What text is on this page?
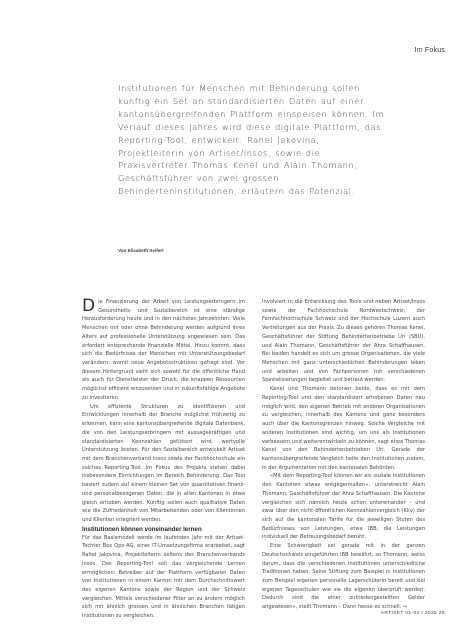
Im Fokus
Institutionen für Menschen mit Behinderung sollen künftig ein Set an standardisierten Daten auf einer kantonsübergreifenden Plattform einspeisen können. Im Verlauf dieses Jahres wird diese digitale Plattform, das Reporting-Tool, entwickelt: Rahel Jakovina, Projektleiterin von Artiset/Insos, sowie die Praxisvertreter Thomas Kenel und Alain Thomann, Geschäftsführer von zwei grossen Behinderteninstitutionen, erläutern das Potenzial.
Von Elisabeth Seifert

Die Finanzierung der Arbeit von Leistungserbringern im Gesundheits- und Sozialbereich ist eine ständige Herausforderung heute und in den nächsten Jahrzehnten. Viele Menschen mit oder ohne Behinderung werden aufgrund ihres Alters auf professionelle Unterstützung angewiesen sein. Das erfordert entsprechende finanzielle Mittel. Hinzu kommt, dass sich die Bedürfnisse der Menschen mit Unterstützungsbedarf verändern, womit neue Angebotsstrukturen gefragt sind. Vor diesem Hintergrund sieht sich sowohl für die öffentliche Hand als auch für Dienstleister der Druck, die knappen Ressourcen möglichst effizient einzusetzen und in zukunftsfähige Angebote zu investieren.

Um effiziente Strukturen zu identifizieren und Entwicklungen innerhalb der Branche möglichst frühzeitig zu erkennen, kann eine kantonsübergreifende digitale Datenbank, die von den Leistungserbringern mit aussagekräftigen und standardisierten Kennzahlen gefüttert wird, wertvolle Unterstützung leisten. Für den Sozialbereich entwickelt Artiset mit dem Branchenverband Insos sowie der Fachhochschule ein solches Reporting-Tool. Im Fokus des Projekts stehen dabei insbesondere Einrichtungen im Bereich Behinderung. Das Tool basiert zudem auf einem kleinen Set von quantitativen finanz- und personalbezogenen Daten, die in allen Kantonen in etwa gleich erhoben werden. Künftig sollen auch qualitative Daten wie die Zufriedenheit von Mitarbeitenden oder von Klientinnen und Klienten integriert werden.

Institutionen können voneinander lernen

Für das Basismodell werde im laufenden Jahr mit der Artiset-Tochter Bex Qps AG, einer IT-Umsetzungsfirma erarbeitet, sagt Rahel Jakovina, Projektleiterin seitens des Branchenverbands Insos. Das Reporting-Tool soll das vergleichende Lernen ermöglichen: Betreiber auf der Plattform verfügbaren Daten von Institutionen in einem Kanton mit dem Durchschnittswert des eigenen Kantons sowie der Region und der Schweiz vergleichen. Mittels verschiedener Filter an zu ändern möglich sich mit ähnlich grossen und in ähnlichen Branchen tätigen Institutionen zu vergleichen.

Involviert in die Entwicklung des Tools und neben Artiset/Insos sowie der Fachhochschule Nordwestschweiz, der Fernfachhochschule Schweiz und der Hochschule Luzern auch Vertretungen aus der Praxis. Zu diesen gehören Thomas Kenel, Geschäftsführer der Stiftung Behindertenbetriebe Uri (SBU), und Alain Thomann, Geschäftsführer der Ahra Schaffhausen. Bei beiden handelt es sich um grosse Organisationen, die viele Menschen mit ganz unterschiedlichen Behinderungen leben und arbeiten und von Fachpersonen mit verschiedenen Spezialisierungen begleitet und betreut werden.

Kenel und Thomann betonen beide, dass es mit dem Reporting-Tool und den standardisiert erhobenen Daten neu möglich wird, den eigenen Betrieb mit anderen Organisationen zu vergleichen, innerhalb des Kantons und ganz besonders auch über die Kantonsgrenzen hinweg. Solche Vergleiche mit anderen Institutionen sind wichtig, um uns als Institutionen verbessern und weiterentwickeln zu können, sagt etwa Thomas Kenel von den Behindertenbetrieben Uri. Gerade der kantonsübergreifende Vergleich helfe den Institutionen zudem, in der Argumentation mit den kantonalen Behörden.

«Mit dem Reporting-Tool können wir als soziale Institutionen den Kantonen etwas entgegenhalten», unterstreicht Alain Thomann, Geschäftsführer der Ahra Schaffhausen. Die Kantone vergleichen sich nämlich heute schon untereinander – und zwar über den nicht-öffentlichen Kennzahlenvergleich (Kkv) der sich auf die kantonalen Tarife für die jeweiligen Stufen des Bedürfnisses von Leistungen, etwa IBB, die Leistungen individuell der Betreuungsbedarf beruht.

Eine Schwierigkeit sei gerade mit in der ganzen Deutschschweiz eingeführten IBB bewährt, so Thomann, weiss darum, dass die verschiedenen Institutionen unterschiedliche Traditionen haben. Seine Stiftung zum Beispiel in Institutionen zum Beispiel eigenen personelle Lagerschülerin bereit und bei eigenen Tagesschulen wie sie die eigenen überprüft werden. Dadurch sind die einer zufriedengesteltten Gelder angewiesen», stellt Thomann – Dann hesse es schnell. →

ARTISET 01-02 I 2025 25
